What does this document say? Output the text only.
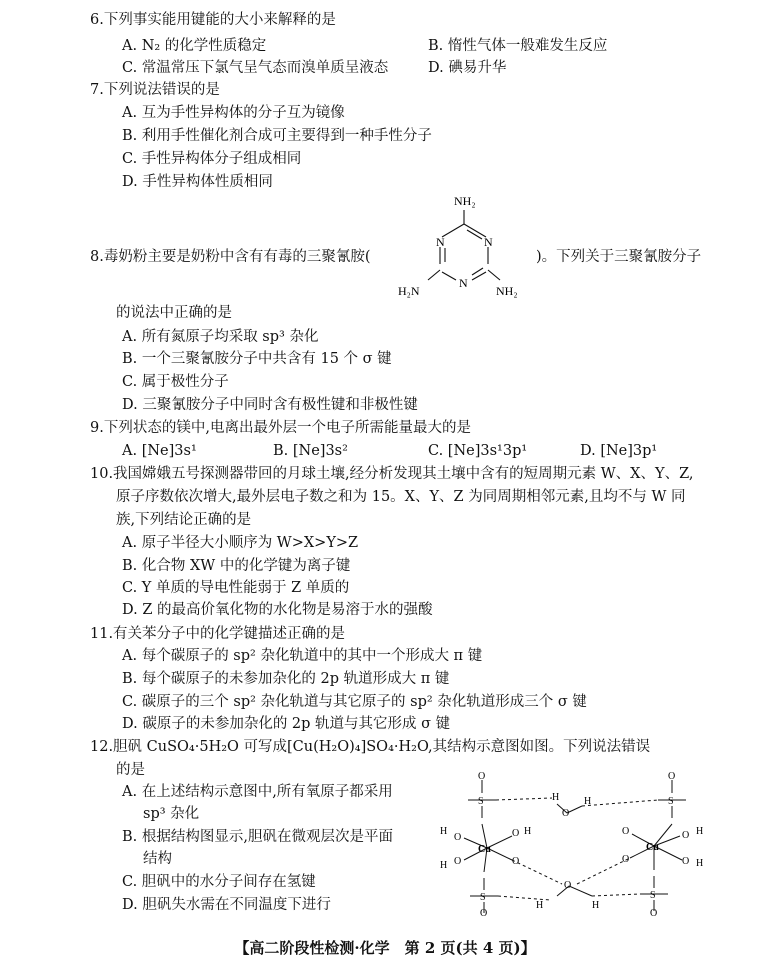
6.下列事实能用键能的大小来解释的是
A. N₂ 的化学性质稳定	B. 惰性气体一般难发生反应
C. 常温常压下氯气呈气态而溴单质呈液态	D. 碘易升华
7.下列说法错误的是
A. 互为手性异构体的分子互为镜像
B. 利用手性催化剂合成可主要得到一种手性分子
C. 手性异构体分子组成相同
D. 手性异构体性质相同
8.毒奶粉主要是奶粉中含有有毒的三聚氰胺(	)。下列关于三聚氰胺分子
NH₂
N
N
N
H₂N	NH₂
的说法中正确的是
A. 所有氮原子均采取 sp³ 杂化
B. 一个三聚氰胺分子中共含有 15 个 σ 键
C. 属于极性分子
D. 三聚氰胺分子中同时含有极性键和非极性键
9.下列状态的镁中,电离出最外层一个电子所需能量最大的是
A. [Ne]3s¹	B. [Ne]3s²	C. [Ne]3s¹3p¹	D. [Ne]3p¹
10.我国嫦娥五号探测器带回的月球土壤,经分析发现其土壤中含有的短周期元素 W、X、Y、Z,
原子序数依次增大,最外层电子数之和为 15。X、Y、Z 为同周期相邻元素,且均不与 W 同
族,下列结论正确的是
A. 原子半径大小顺序为 W>X>Y>Z
B. 化合物 XW 中的化学键为离子键
C. Y 单质的导电性能弱于 Z 单质的
D. Z 的最高价氧化物的水化物是易溶于水的强酸
11.有关苯分子中的化学键描述正确的是
A. 每个碳原子的 sp² 杂化轨道中的其中一个形成大 π 键
B. 每个碳原子的未参加杂化的 2p 轨道形成大 π 键
C. 碳原子的三个 sp² 杂化轨道与其它原子的 sp² 杂化轨道形成三个 σ 键
D. 碳原子的未参加杂化的 2p 轨道与其它形成 σ 键
12.胆矾 CuSO₄·5H₂O 可写成[Cu(H₂O)₄]SO₄·H₂O,其结构示意图如图。下列说法错误
的是
A. 在上述结构示意图中,所有氧原子都采用
sp³ 杂化
B. 根据结构图显示,胆矾在微观层次是平面
结构
C. 胆矾中的水分子间存在氢键
D. 胆矾失水需在不同温度下进行
O
S
O
S
Cu	Cu
O
H
O
H
O H
O
O
H H
O
O
O H
O H
O
S	S
O	O
H	H
【高二阶段性检测·化学　第 2 页(共 4 页)】
